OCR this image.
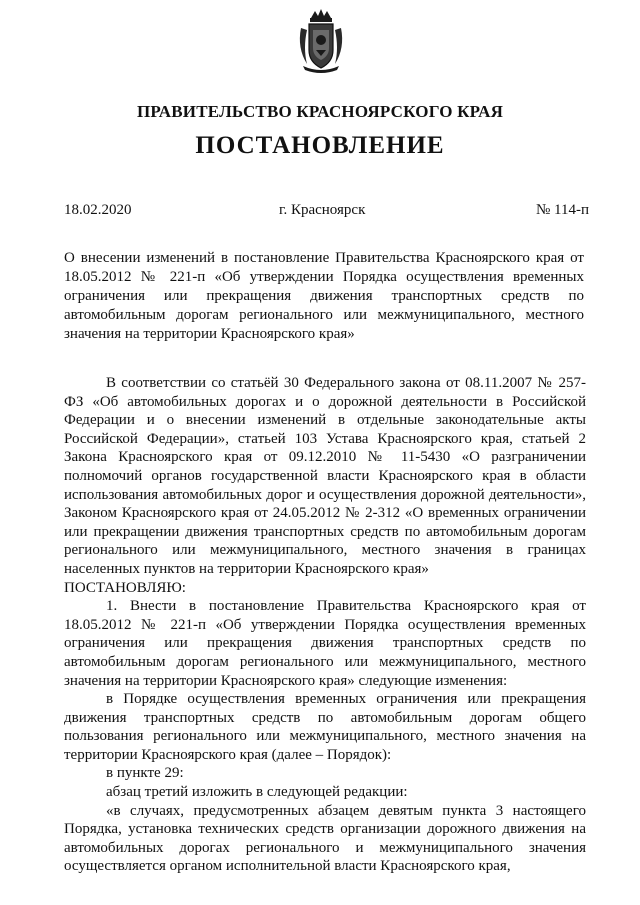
ПРАВИТЕЛЬСТВО КРАСНОЯРСКОГО КРАЯ
ПОСТАНОВЛЕНИЕ
18.02.2020	г. Красноярск	№ 114-п
О внесении изменений в постановление Правительства Красноярского края от 18.05.2012 № 221-п «Об утверждении Порядка осуществления временных ограничения или прекращения движения транспортных средств по автомобильным дорогам регионального или межмуниципального, местного значения на территории Красноярского края»

В соответствии со статьёй 30 Федерального закона от 08.11.2007 № 257-ФЗ «Об автомобильных дорогах и о дорожной деятельности в Российской Федерации и о внесении изменений в отдельные законодательные акты Российской Федерации», статьей 103 Устава Красноярского края, статьей 2 Закона Красноярского края от 09.12.2010 № 11-5430 «О разграничении полномочий органов государственной власти Красноярского края в области использования автомобильных дорог и осуществления дорожной деятельности», Законом Красноярского края от 24.05.2012 № 2-312 «О временных ограничении или прекращении движения транспортных средств по автомобильным дорогам регионального или межмуниципального, местного значения в границах населенных пунктов на территории Красноярского края»

ПОСТАНОВЛЯЮ:

1. Внести в постановление Правительства Красноярского края от 18.05.2012 № 221-п «Об утверждении Порядка осуществления временных ограничения или прекращения движения транспортных средств по автомобильным дорогам регионального или межмуниципального, местного значения на территории Красноярского края» следующие изменения:

в Порядке осуществления временных ограничения или прекращения движения транспортных средств по автомобильным дорогам общего пользования регионального или межмуниципального, местного значения на территории Красноярского края (далее – Порядок):

в пункте 29:

абзац третий изложить в следующей редакции:

«в случаях, предусмотренных абзацем девятым пункта 3 настоящего Порядка, установка технических средств организации дорожного движения на автомобильных дорогах регионального и межмуниципального значения осуществляется органом исполнительной власти Красноярского края,
